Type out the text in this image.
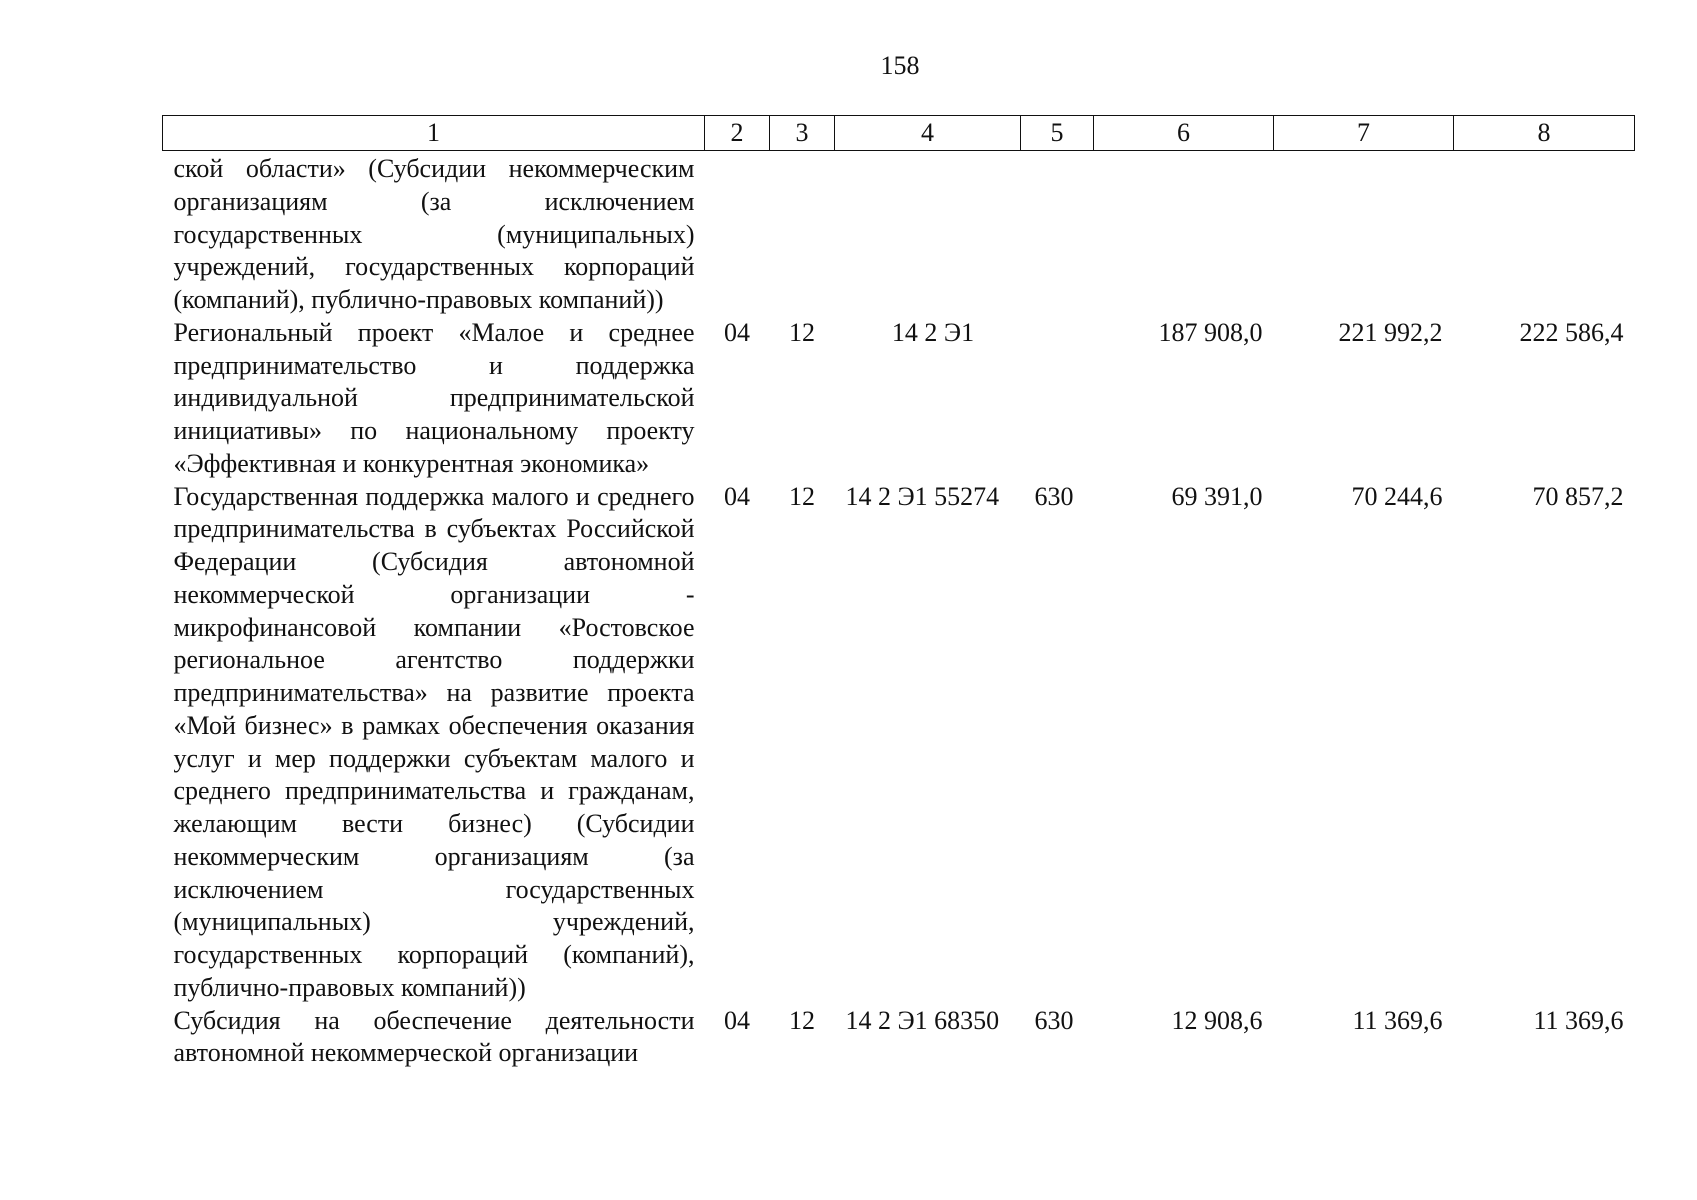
158
1	2	3	4	5	6	7	8
ской области» (Субсидии некоммерческим организациям (за исключением государственных (муниципальных) учреждений, государственных корпораций (компаний), публично-правовых компаний))							
Региональный проект «Малое и среднее предпринимательство и поддержка индивидуальной предпринимательской инициативы» по национальному проекту «Эффективная и конкурентная экономика»	04	12	14 2 Э1		187 908,0	221 992,2	222 586,4
Государственная поддержка малого и среднего предпринимательства в субъектах Российской Федерации (Субсидия автономной некоммерческой организации - микрофинансовой компании «Ростовское региональное агентство поддержки предпринимательства» на развитие проекта «Мой бизнес» в рамках обеспечения оказания услуг и мер поддержки субъектам малого и среднего предпринимательства и гражданам, желающим вести бизнес) (Субсидии некоммерческим организациям (за исключением государственных (муниципальных) учреждений, государственных корпораций (компаний), публично-правовых компаний))	04	12	14 2 Э1 55274	630	69 391,0	70 244,6	70 857,2
Субсидия на обеспечение деятельности автономной некоммерческой организации	04	12	14 2 Э1 68350	630	12 908,6	11 369,6	11 369,6
